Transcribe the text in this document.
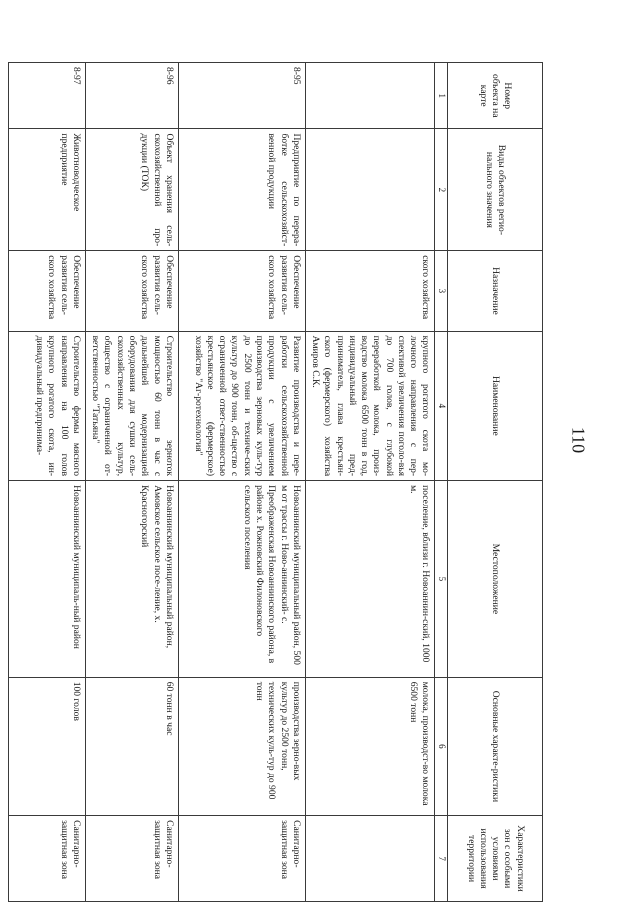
110
Номер объекта на карте	Виды объектов регио-нального значения	Назначение	Наименование	Местоположение	Основные характе-ристики	Характеристики зон с особыми условиями использования территории
1	2	3	4	5	6	7
		ского хозяйства	крупного рогатого скота мо-лочного направления с пер-спективой увеличения поголо-вья до 700 голов, с глубокой переработкой молока, произ-водство молока 6500 тонн в год, индивидуальный пред-приниматель, глава крестьян-ского (фермерского) хозяйства Амиров С.К.	поселение, вблизи г. Новоаннин-ский, 1000 м.	молока, производст-во молока 6500 тонн	
8-95	Предприятие по перера-ботке сельскохозяйст-венной продукции	Обеспечение развития сель-ского хозяйства	Развитие производства и пере-работки сельскохозяйственной продукции с увеличением производства зерновых куль-тур до 2500 тонн и техниче-ских культур до 900 тонн, об-щество с ограниченной ответ-ственностью крестьянское (фермерское) хозяйство "Аг-ротехнология"	Новоаннинский муниципальный район, 500 м от трассы г. Ново-аннинский- с. Преображенская Новоаннинского района, в районе х. Рожновский Филоновского сельского поселения	производства зерно-вых культур до 2500 тонн, технических куль-тур до 900 тонн	Санитарно-защитная зона
8-96	Объект хранения сель-скохозяйственной про-дукции (ТОК)	Обеспечение развития сель-ского хозяйства	Строительство зерноток мощностью 60 тонн в час с дальнейшей модернизацией оборудования для сушки сель-скохозяйственных культур, общество с ограниченной от-ветственностью "Татьяна"	Новоаннинский муниципальный район, Амовское сельское посе-ление, х. Красногорский	60 тонн в час	Санитарно-защитная зона
8-97	Животноводческое предприятие	Обеспечение развития сель-ского хозяйства	Строительство фермы мясного направления на 100 голов крупного рогатого скота, ин-дивидуальный предпринима-	Новоаннинский муниципаль-ный район	100 голов	Санитарно-защитная зона
